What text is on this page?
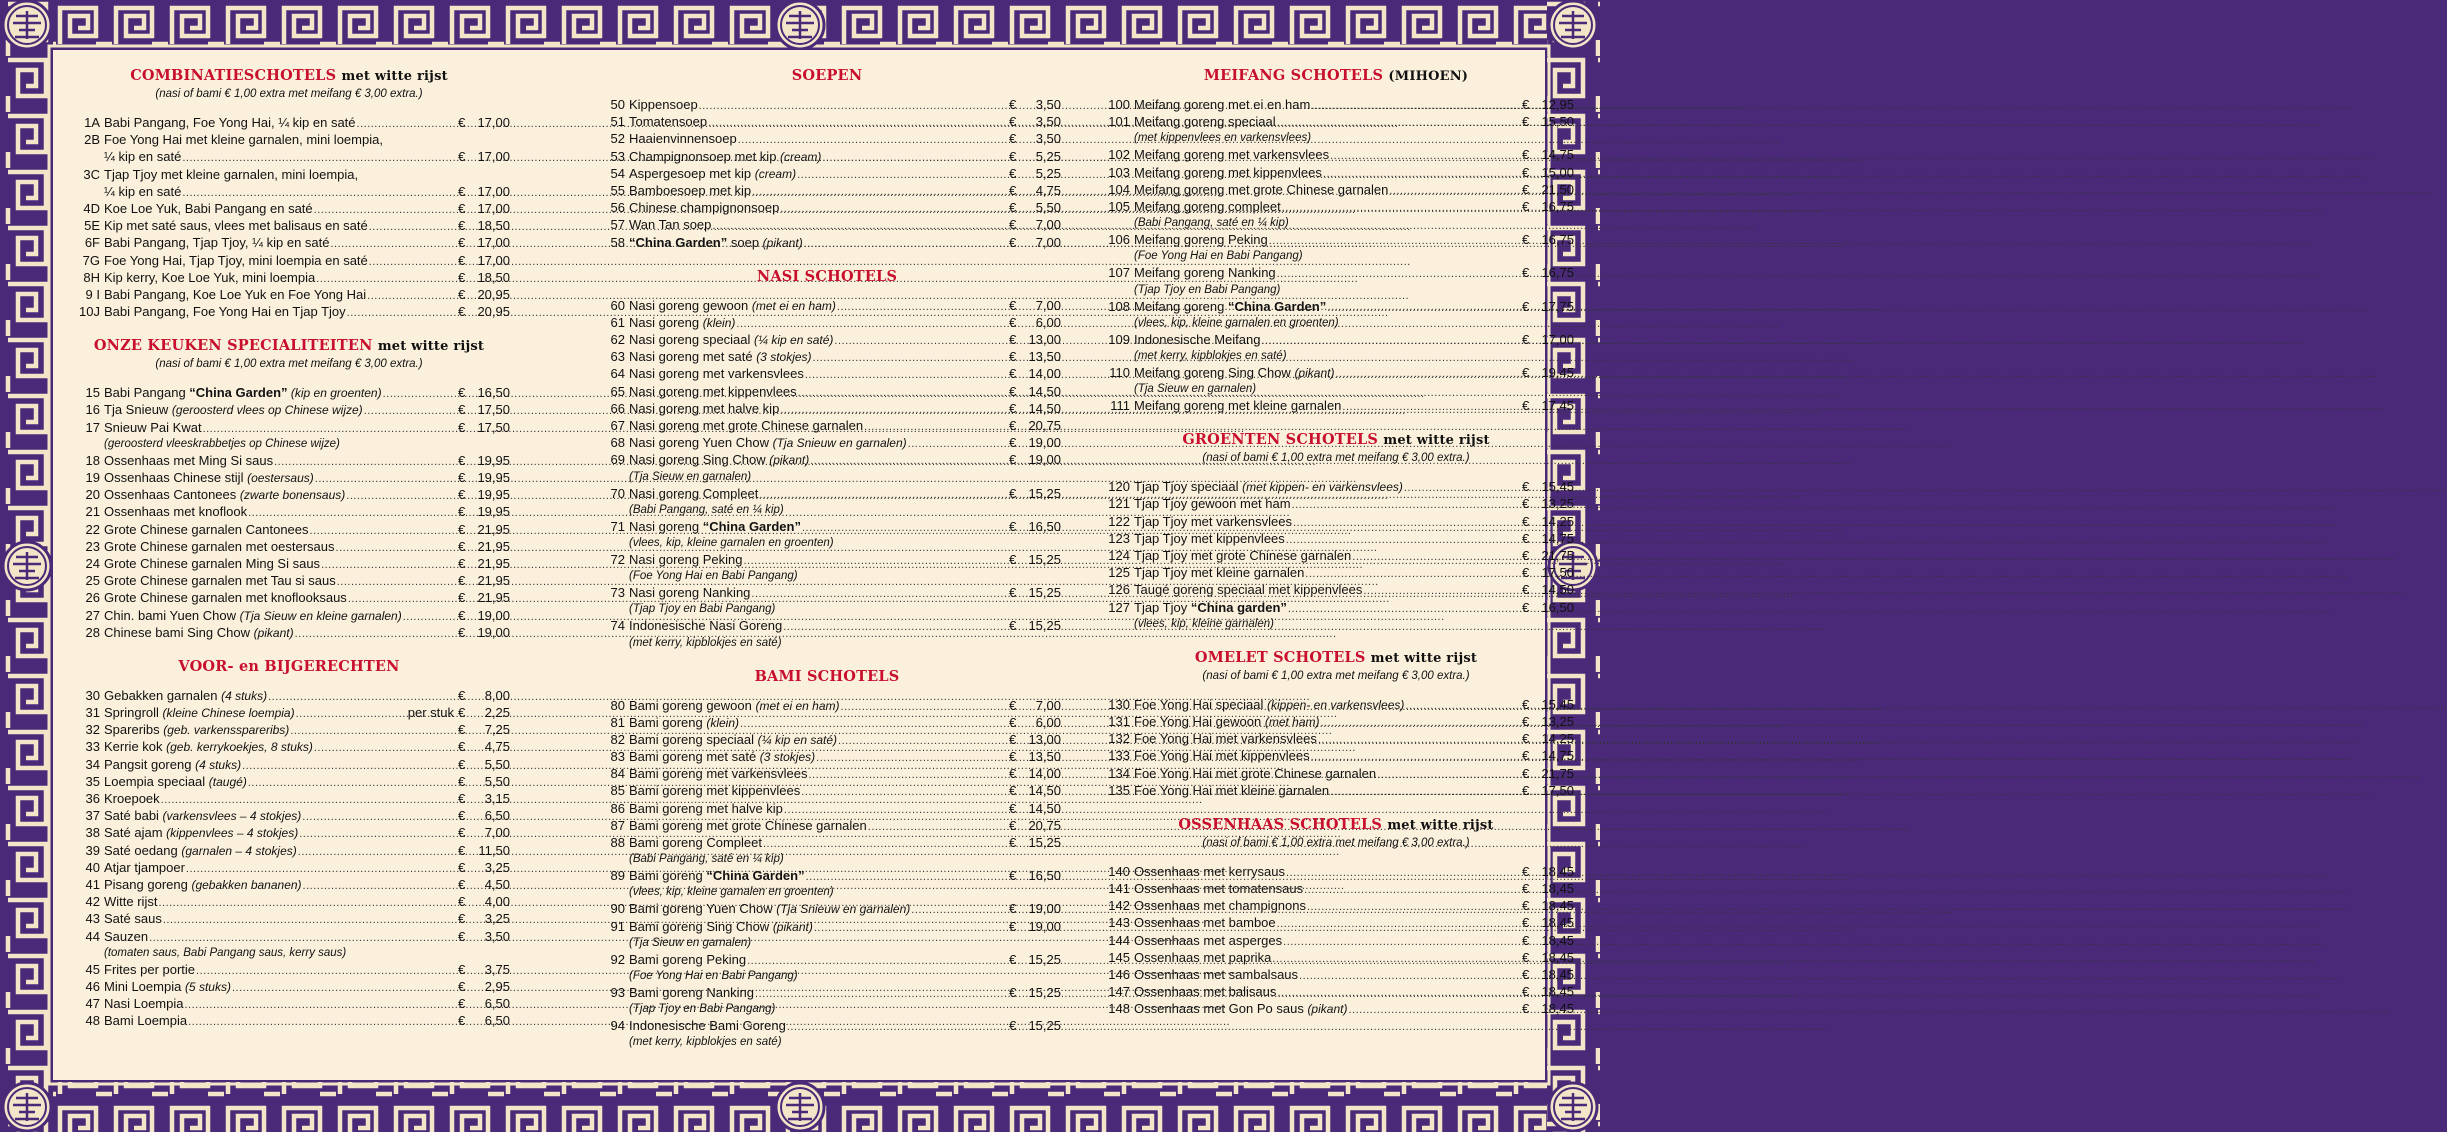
COMBINATIESCHOTELS met witte rijst
(nasi of bami € 1,00 extra met meifang € 3,00 extra.)
1A Babi Pangang, Foe Yong Hai, ¼ kip en saté .....	€ 17,00
2B Foe Yong Hai met kleine garnalen, mini loempia,
¼ kip en saté .....	€ 17,00
3C Tjap Tjoy met kleine garnalen, mini loempia,
¼ kip en saté .....	€ 17,00
4D Koe Loe Yuk, Babi Pangang en saté .....	€ 17,00
5E Kip met saté saus, vlees met balisaus en saté .....	€ 18,50
6F Babi Pangang, Tjap Tjoy, ¼ kip en saté .....	€ 17,00
7G Foe Yong Hai, Tjap Tjoy, mini loempia en saté .....	€ 17,00
8H Kip kerry, Koe Loe Yuk, mini loempia .....	€ 18,50
9 I Babi Pangang, Koe Loe Yuk en Foe Yong Hai .....	€ 20,95
10J Babi Pangang, Foe Yong Hai en Tjap Tjoy .....	€ 20,95
ONZE KEUKEN SPECIALITEITEN met witte rijst
(nasi of bami € 1,00 extra met meifang € 3,00 extra.)
15 Babi Pangang “China Garden” (kip en groenten) .....	€ 16,50
16 Tja Snieuw (geroosterd vlees op Chinese wijze) .....	€ 17,50
17 Snieuw Pai Kwat .....	€ 17,50
(geroosterd vleeskrabbetjes op Chinese wijze)
18 Ossenhaas met Ming Si saus .....	€ 19,95
19 Ossenhaas Chinese stijl (oestersaus) .....	€ 19,95
20 Ossenhaas Cantonees (zwarte bonensaus) .....	€ 19,95
21 Ossenhaas met knoflook .....	€ 19,95
22 Grote Chinese garnalen Cantonees .....	€ 21,95
23 Grote Chinese garnalen met oestersaus .....	€ 21,95
24 Grote Chinese garnalen Ming Si saus .....	€ 21,95
25 Grote Chinese garnalen met Tau si saus .....	€ 21,95
26 Grote Chinese garnalen met knoflooksaus .....	€ 21,95
27 Chin. bami Yuen Chow (Tja Sieuw en kleine garnalen) .....	€ 19,00
28 Chinese bami Sing Chow (pikant) .....	€ 19,00
VOOR- en BIJGERECHTEN
30 Gebakken garnalen (4 stuks) .....	€ 8,00
31 Springroll (kleine Chinese loempia) .....	per stuk € 2,25
32 Spareribs (geb. varkensspareribs) .....	€ 7,25
33 Kerrie kok (geb. kerrykoekjes, 8 stuks) .....	€ 4,75
34 Pangsit goreng (4 stuks) .....	€ 5,50
35 Loempia speciaal (taugé) .....	€ 5,50
36 Kroepoek .....	€ 3,15
37 Saté babi (varkensvlees – 4 stokjes) .....	€ 6,50
38 Saté ajam (kippenvlees – 4 stokjes) .....	€ 7,00
39 Saté oedang (garnalen – 4 stokjes) .....	€ 11,50
40 Atjar tjampoer .....	€ 3,25
41 Pisang goreng (gebakken bananen) .....	€ 4,50
42 Witte rijst .....	€ 4,00
43 Saté saus .....	€ 3,25
44 Sauzen .....	€ 3,50
(tomaten saus, Babi Pangang saus, kerry saus)
45 Frites per portie .....	€ 3,75
46 Mini Loempia (5 stuks) .....	€ 2,95
47 Nasi Loempia .....	€ 6,50
48 Bami Loempia .....	€ 6,50
SOEPEN
50 Kippensoep .....	€ 3,50
51 Tomatensoep .....	€ 3,50
52 Haaienvinnensoep .....	€ 3,50
53 Champignonsoep met kip (cream) .....	€ 5,25
54 Aspergesoep met kip (cream) .....	€ 5,25
55 Bamboesoep met kip .....	€ 4,75
56 Chinese champignonsoep .....	€ 5,50
57 Wan Tan soep .....	€ 7,00
58 “China Garden” soep (pikant) .....	€ 7,00
NASI SCHOTELS
60 Nasi goreng gewoon (met ei en ham) .....	€ 7,00
61 Nasi goreng (klein) .....	€ 6,00
62 Nasi goreng speciaal (¼ kip en saté) .....	€ 13,00
63 Nasi goreng met saté (3 stokjes) .....	€ 13,50
64 Nasi goreng met varkensvlees .....	€ 14,00
65 Nasi goreng met kippenvlees .....	€ 14,50
66 Nasi goreng met halve kip .....	€ 14,50
67 Nasi goreng met grote Chinese garnalen .....	€ 20,75
68 Nasi goreng Yuen Chow (Tja Snieuw en garnalen) .....	€ 19,00
69 Nasi goreng Sing Chow (pikant) .....	€ 19,00
(Tja Sieuw en garnalen)
70 Nasi goreng Compleet .....	€ 15,25
(Babi Pangang, saté en ¼ kip)
71 Nasi goreng “China Garden” .....	€ 16,50
(vlees, kip, kleine garnalen en groenten)
72 Nasi goreng Peking .....	€ 15,25
(Foe Yong Hai en Babi Pangang)
73 Nasi goreng Nanking .....	€ 15,25
(Tjap Tjoy en Babi Pangang)
74 Indonesische Nasi Goreng .....	€ 15,25
(met kerry, kipblokjes en saté)
BAMI SCHOTELS
80 Bami goreng gewoon (met ei en ham) .....	€ 7,00
81 Bami goreng (klein) .....	€ 6,00
82 Bami goreng speciaal (¼ kip en saté) .....	€ 13,00
83 Bami goreng met saté (3 stokjes) .....	€ 13,50
84 Bami goreng met varkensvlees .....	€ 14,00
85 Bami goreng met kippenvlees .....	€ 14,50
86 Bami goreng met halve kip .....	€ 14,50
87 Bami goreng met grote Chinese garnalen .....	€ 20,75
88 Bami goreng Compleet .....	€ 15,25
(Babi Pangang, saté en ¼ kip)
89 Bami goreng “China Garden” .....	€ 16,50
(vlees, kip, kleine garnalen en groenten)
90 Bami goreng Yuen Chow (Tja Snieuw en garnalen) .....	€ 19,00
91 Bami goreng Sing Chow (pikant) .....	€ 19,00
(Tja Sieuw en garnalen)
92 Bami goreng Peking .....	€ 15,25
(Foe Yong Hai en Babi Pangang)
93 Bami goreng Nanking .....	€ 15,25
(Tjap Tjoy en Babi Pangang)
94 Indonesische Bami Goreng .....	€ 15,25
(met kerry, kipblokjes en saté)
MEIFANG SCHOTELS (MIHOEN)
100 Meifang goreng met ei en ham .....	€ 12,95
101 Meifang goreng speciaal .....	€ 15,50
(met kippenvlees en varkensvlees)
102 Meifang goreng met varkensvlees .....	€ 14,75
103 Meifang goreng met kippenvlees .....	€ 15,00
104 Meifang goreng met grote Chinese garnalen .....	€ 21,50
105 Meifang goreng compleet .....	€ 16,75
(Babi Pangang, saté en ¼ kip)
106 Meifang goreng Peking .....	€ 16,75
(Foe Yong Hai en Babi Pangang)
107 Meifang goreng Nanking .....	€ 16,75
(Tjap Tjoy en Babi Pangang)
108 Meifang goreng “China Garden” .....	€ 17,75
(vlees, kip, kleine garnalen en groenten)
109 Indonesische Meifang .....	€ 17,00
(met kerry, kipblokjes en saté)
110 Meifang goreng Sing Chow (pikant) .....	€ 19,45
(Tja Sieuw en garnalen)
111 Meifang goreng met kleine garnalen .....	€ 17,45
GROENTEN SCHOTELS met witte rijst
(nasi of bami € 1,00 extra met meifang € 3,00 extra.)
120 Tjap Tjoy speciaal (met kippen- en varkensvlees) .....	€ 15,45
121 Tjap Tjoy gewoon met ham .....	€ 13,25
122 Tjap Tjoy met varkensvlees .....	€ 14,25
123 Tjap Tjoy met kippenvlees .....	€ 14,75
124 Tjap Tjoy met grote Chinese garnalen .....	€ 21,75
125 Tjap Tjoy met kleine garnalen .....	€ 17,50
126 Taugé goreng speciaal met kippenvlees .....	€ 14,50
127 Tjap Tjoy “China garden” .....	€ 16,50
(vlees, kip, kleine garnalen)
OMELET SCHOTELS met witte rijst
(nasi of bami € 1,00 extra met meifang € 3,00 extra.)
130 Foe Yong Hai speciaal (kippen- en varkensvlees) .....	€ 15,45
131 Foe Yong Hai gewoon (met ham) .....	€ 13,25
132 Foe Yong Hai met varkensvlees .....	€ 14,25
133 Foe Yong Hai met kippenvlees .....	€ 14,75
134 Foe Yong Hai met grote Chinese garnalen .....	€ 21,75
135 Foe Yong Hai met kleine garnalen .....	€ 17,50
OSSENHAAS SCHOTELS met witte rijst
(nasi of bami € 1,00 extra met meifang € 3,00 extra.)
140 Ossenhaas met kerrysaus .....	€ 18,45
141 Ossenhaas met tomatensaus .....	€ 18,45
142 Ossenhaas met champignons .....	€ 18,45
143 Ossenhaas met bamboe .....	€ 18,45
144 Ossenhaas met asperges .....	€ 18,45
145 Ossenhaas met paprika .....	€ 18,45
146 Ossenhaas met sambalsaus .....	€ 18,45
147 Ossenhaas met balisaus .....	€ 18,45
148 Ossenhaas met Gon Po saus (pikant) .....	€ 18,45
